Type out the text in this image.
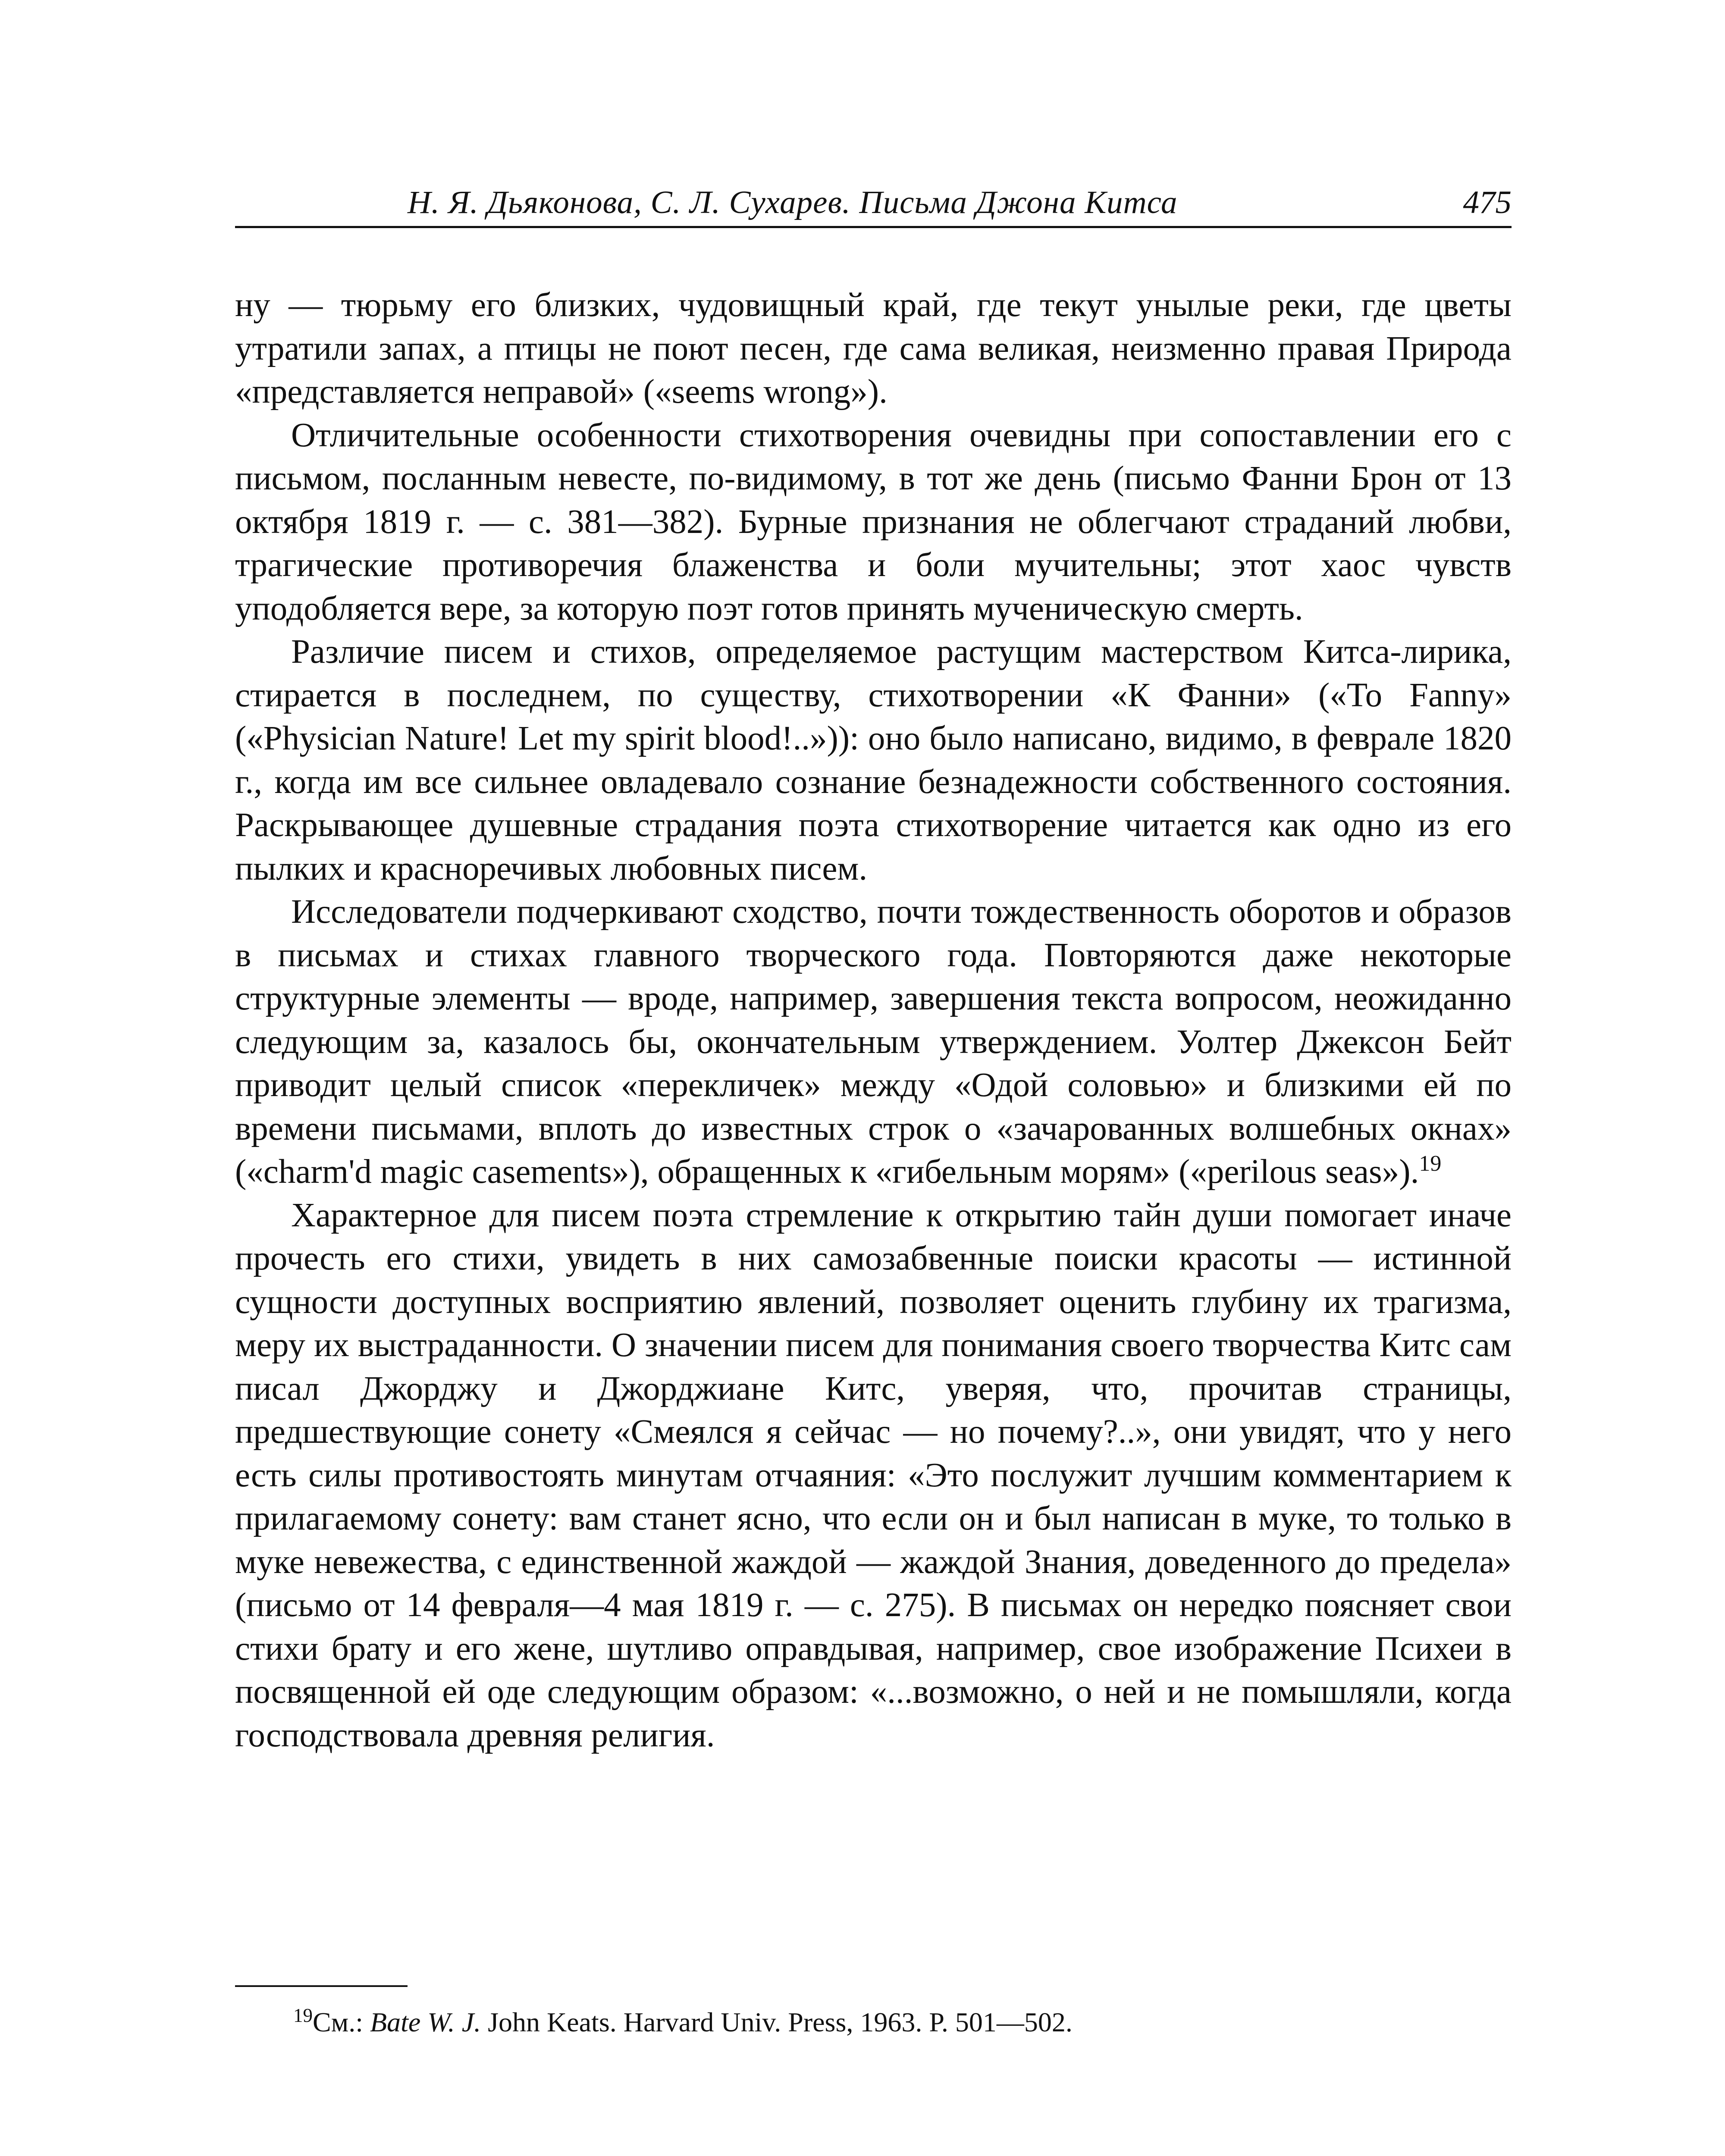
Н. Я. Дьяконова, С. Л. Сухарев. Письма Джона Китса	475

ну — тюрьму его близких, чудовищный край, где текут унылые реки, где цветы утратили запах, а птицы не поют песен, где сама великая, неизменно правая Природа «представляется неправой» («seems wrong»).

Отличительные особенности стихотворения очевидны при сопоставлении его с письмом, посланным невесте, по-видимому, в тот же день (письмо Фанни Брон от 13 октября 1819 г. — с. 381—382). Бурные признания не облегчают страданий любви, трагические противоречия блаженства и боли мучительны; этот хаос чувств уподобляется вере, за которую поэт готов принять мученическую смерть.

Различие писем и стихов, определяемое растущим мастерством Китса-лирика, стирается в последнем, по существу, стихотворении «К Фанни» («To Fanny» («Physician Nature! Let my spirit blood!..»)): оно было написано, видимо, в феврале 1820 г., когда им все сильнее овладевало сознание безнадежности собственного состояния. Раскрывающее душевные страдания поэта стихотворение читается как одно из его пылких и красноречивых любовных писем.

Исследователи подчеркивают сходство, почти тождественность оборотов и образов в письмах и стихах главного творческого года. Повторяются даже некоторые структурные элементы — вроде, например, завершения текста вопросом, неожиданно следующим за, казалось бы, окончательным утверждением. Уолтер Джексон Бейт приводит целый список «перекличек» между «Одой соловью» и близкими ей по времени письмами, вплоть до известных строк о «зачарованных волшебных окнах» («charm'd magic casements»), обращенных к «гибельным морям» («perilous seas»).$^{19}$

Характерное для писем поэта стремление к открытию тайн души помогает иначе прочесть его стихи, увидеть в них самозабвенные поиски красоты — истинной сущности доступных восприятию явлений, позволяет оценить глубину их трагизма, меру их выстраданности. О значении писем для понимания своего творчества Китс сам писал Джорджу и Джорджиане Китс, уверяя, что, прочитав страницы, предшествующие сонету «Смеялся я сейчас — но почему?..», они увидят, что у него есть силы противостоять минутам отчаяния: «Это послужит лучшим комментарием к прилагаемому сонету: вам станет ясно, что если он и был написан в муке, то только в муке невежества, с единственной жаждой — жаждой Знания, доведенного до предела» (письмо от 14 февраля—4 мая 1819 г. — с. 275). В письмах он нередко поясняет свои стихи брату и его жене, шутливо оправдывая, например, свое изображение Психеи в посвященной ей оде следующим образом: «...возможно, о ней и не помышляли, когда господствовала древняя религия.

$^{19}$См.: Bate W. J. John Keats. Harvard Univ. Press, 1963. P. 501—502.
